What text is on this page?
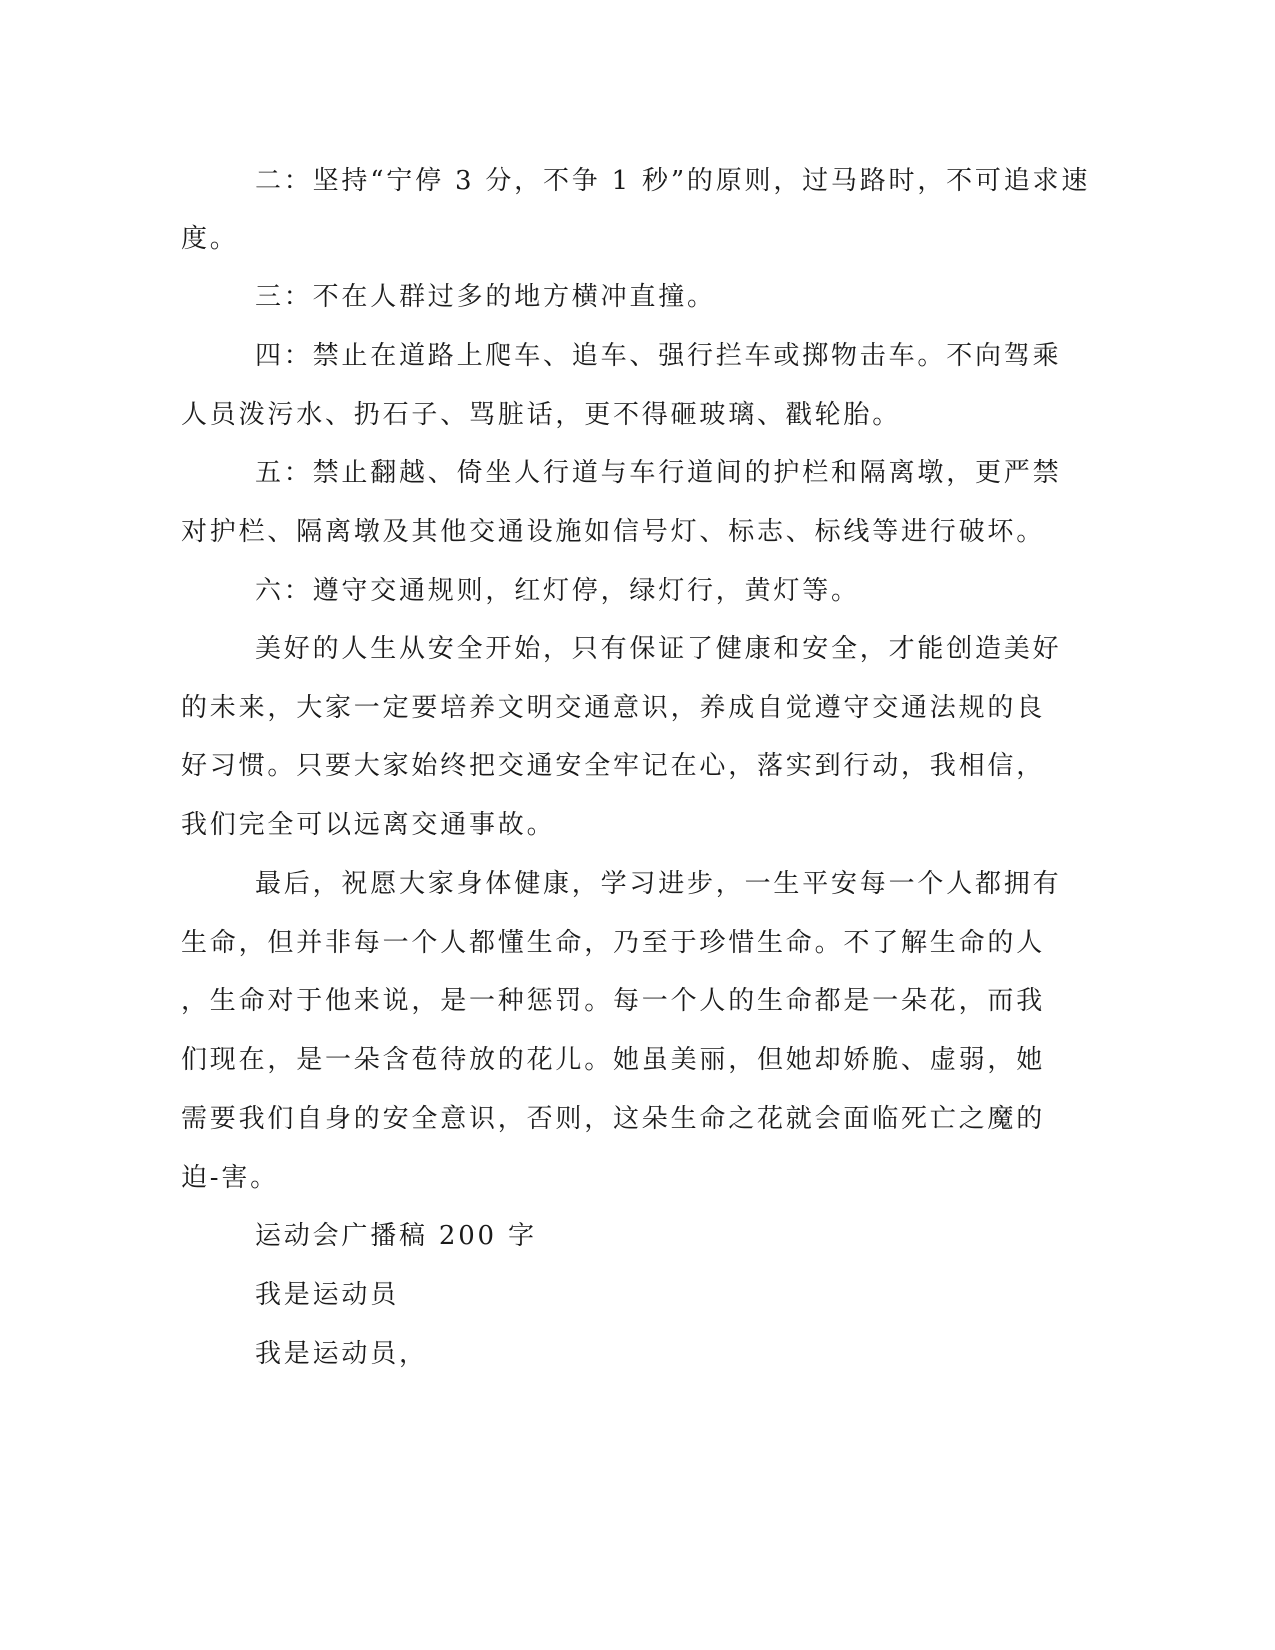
二：坚持“宁停 3 分，不争 1 秒”的原则，过马路时，不可追求速
度。
三：不在人群过多的地方横冲直撞。
四：禁止在道路上爬车、追车、强行拦车或掷物击车。不向驾乘
人员泼污水、扔石子、骂脏话，更不得砸玻璃、戳轮胎。
五：禁止翻越、倚坐人行道与车行道间的护栏和隔离墩，更严禁
对护栏、隔离墩及其他交通设施如信号灯、标志、标线等进行破坏。
六：遵守交通规则，红灯停，绿灯行，黄灯等。
美好的人生从安全开始，只有保证了健康和安全，才能创造美好
的未来，大家一定要培养文明交通意识，养成自觉遵守交通法规的良
好习惯。只要大家始终把交通安全牢记在心，落实到行动，我相信，
我们完全可以远离交通事故。
最后，祝愿大家身体健康，学习进步，一生平安每一个人都拥有
生命，但并非每一个人都懂生命，乃至于珍惜生命。不了解生命的人
，生命对于他来说，是一种惩罚。每一个人的生命都是一朵花，而我
们现在，是一朵含苞待放的花儿。她虽美丽，但她却娇脆、虚弱，她
需要我们自身的安全意识，否则，这朵生命之花就会面临死亡之魔的
迫-害。
运动会广播稿 200 字
我是运动员
我是运动员，
